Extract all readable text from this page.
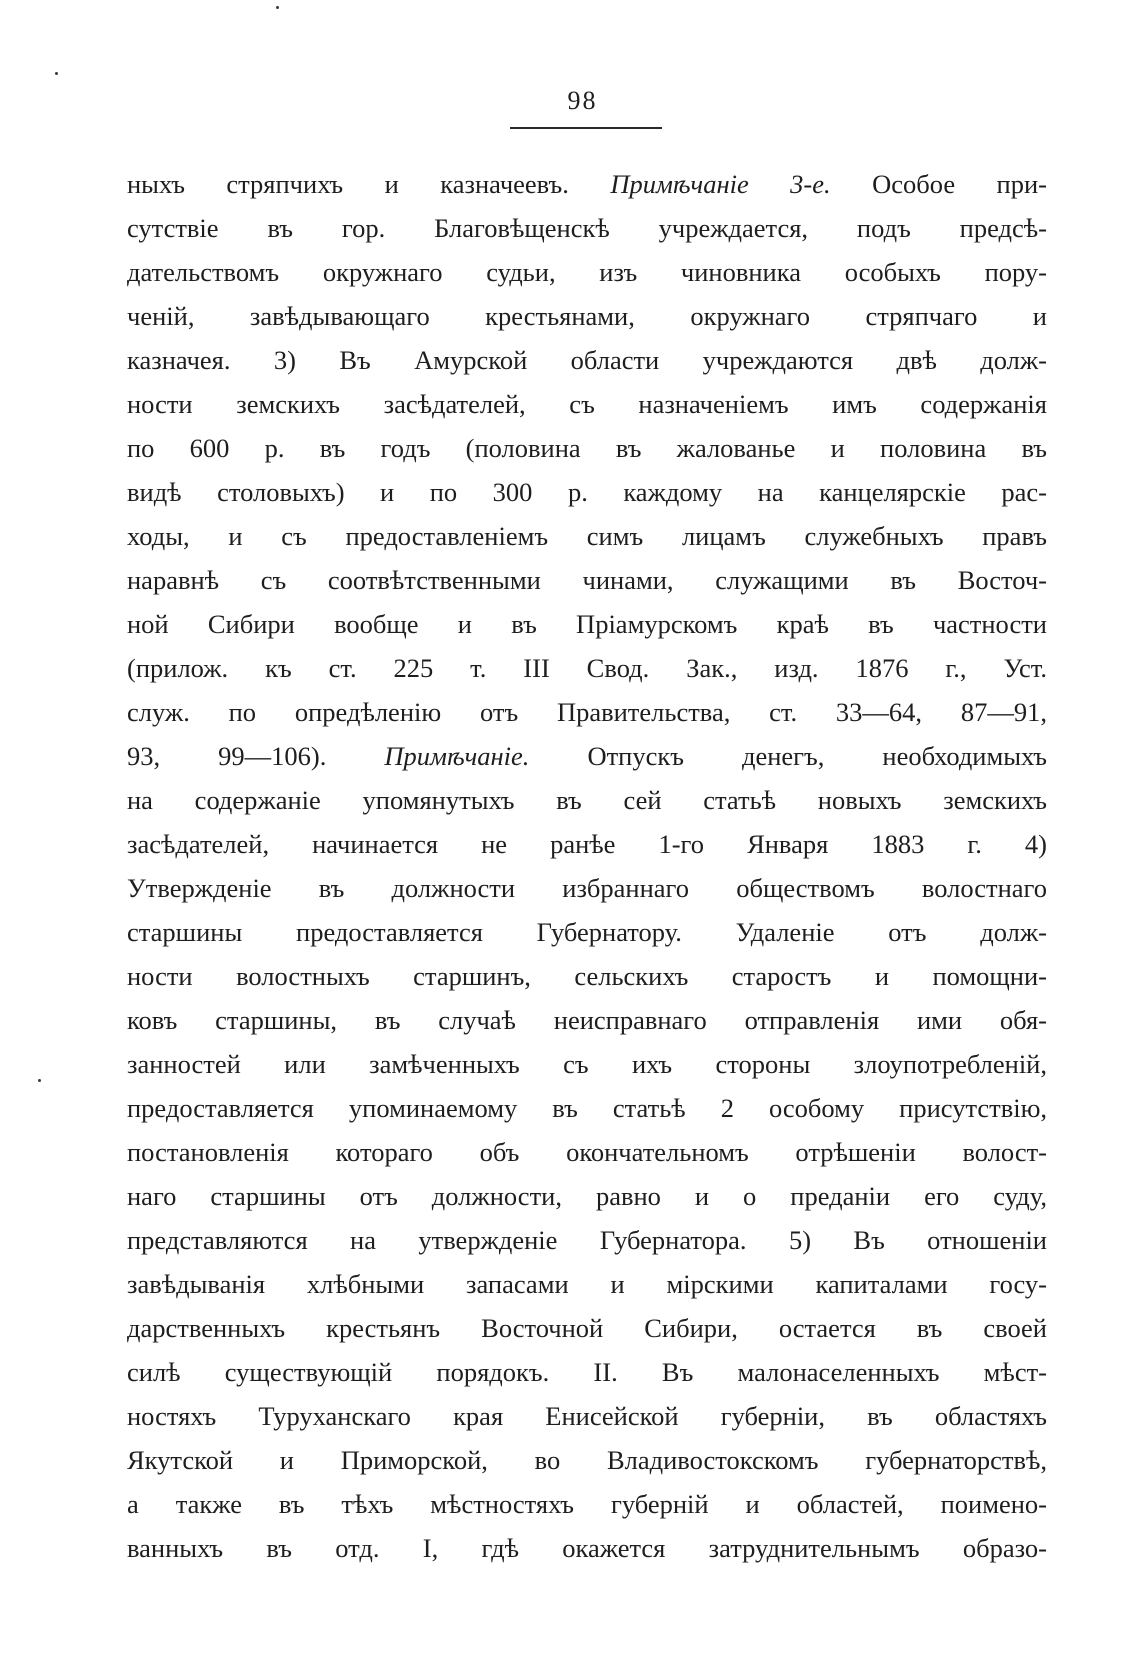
98
ныхъ стряпчихъ и казначеевъ. Примѣчаніе 3-е. Особое при-
сутствіе въ гор. Благовѣщенскѣ учреждается, подъ предсѣ-
дательствомъ окружнаго судьи, изъ чиновника особыхъ пору-
ченій, завѣдывающаго крестьянами, окружнаго стряпчаго и
казначея. 3) Въ Амурской области учреждаются двѣ долж-
ности земскихъ засѣдателей, съ назначеніемъ имъ содержанія
по 600 р. въ годъ (половина въ жалованье и половина въ
видѣ столовыхъ) и по 300 р. каждому на канцелярскіе рас-
ходы, и съ предоставленіемъ симъ лицамъ служебныхъ правъ
наравнѣ съ соотвѣтственными чинами, служащими въ Восточ-
ной Сибири вообще и въ Пріамурскомъ краѣ въ частности
(прилож. къ ст. 225 т. III Свод. Зак., изд. 1876 г., Уст.
служ. по опредѣленію отъ Правительства, ст. 33—64, 87—91,
93, 99—106). Примѣчаніе. Отпускъ денегъ, необходимыхъ
на содержаніе упомянутыхъ въ сей статьѣ новыхъ земскихъ
засѣдателей, начинается не ранѣе 1-го Января 1883 г. 4)
Утвержденіе въ должности избраннаго обществомъ волостнаго
старшины предоставляется Губернатору. Удаленіе отъ долж-
ности волостныхъ старшинъ, сельскихъ старостъ и помощни-
ковъ старшины, въ случаѣ неисправнаго отправленія ими обя-
занностей или замѣченныхъ съ ихъ стороны злоупотребленій,
предоставляется упоминаемому въ статьѣ 2 особому присутствію,
постановленія котораго объ окончательномъ отрѣшеніи волост-
наго старшины отъ должности, равно и о преданіи его суду,
представляются на утвержденіе Губернатора. 5) Въ отношеніи
завѣдыванія хлѣбными запасами и мірскими капиталами госу-
дарственныхъ крестьянъ Восточной Сибири, остается въ своей
силѣ существующій порядокъ. II. Въ малонаселенныхъ мѣст-
ностяхъ Туруханскаго края Енисейской губерніи, въ областяхъ
Якутской и Приморской, во Владивостокскомъ губернаторствѣ,
а также въ тѣхъ мѣстностяхъ губерній и областей, поимено-
ванныхъ въ отд. I, гдѣ окажется затруднительнымъ образо-
